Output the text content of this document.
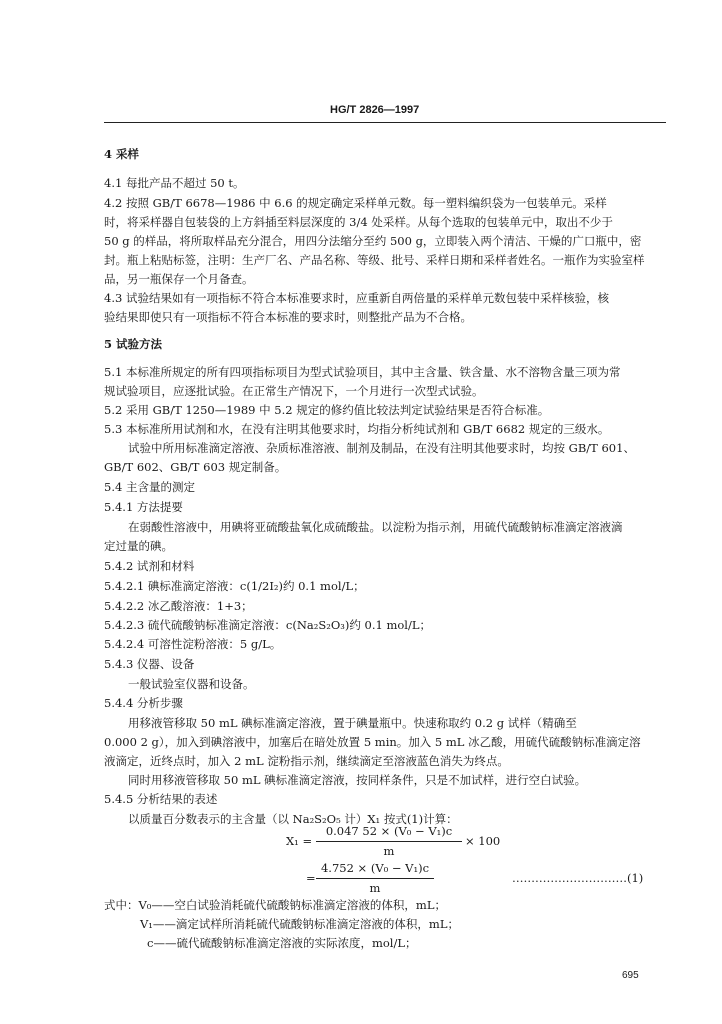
HG/T 2826—1997
4 采样
4.1 每批产品不超过 50 t。
4.2 按照 GB/T 6678—1986 中 6.6 的规定确定采样单元数。每一塑料编织袋为一包装单元。采样
时，将采样器自包装袋的上方斜插至料层深度的 3/4 处采样。从每个选取的包装单元中，取出不少于
50 g 的样品，将所取样品充分混合，用四分法缩分至约 500 g，立即装入两个清洁、干燥的广口瓶中，密
封。瓶上粘贴标签，注明：生产厂名、产品名称、等级、批号、采样日期和采样者姓名。一瓶作为实验室样
品，另一瓶保存一个月备查。
4.3 试验结果如有一项指标不符合本标准要求时，应重新自两倍量的采样单元数包装中采样核验，核
验结果即使只有一项指标不符合本标准的要求时，则整批产品为不合格。
5 试验方法
5.1 本标准所规定的所有四项指标项目为型式试验项目，其中主含量、铁含量、水不溶物含量三项为常
规试验项目，应逐批试验。在正常生产情况下，一个月进行一次型式试验。
5.2 采用 GB/T 1250—1989 中 5.2 规定的修约值比较法判定试验结果是否符合标准。
5.3 本标准所用试剂和水，在没有注明其他要求时，均指分析纯试剂和 GB/T 6682 规定的三级水。
试验中所用标准滴定溶液、杂质标准溶液、制剂及制品，在没有注明其他要求时，均按 GB/T 601、
GB/T 602、GB/T 603 规定制备。
5.4 主含量的测定
5.4.1 方法提要
在弱酸性溶液中，用碘将亚硫酸盐氧化成硫酸盐。以淀粉为指示剂，用硫代硫酸钠标准滴定溶液滴
定过量的碘。
5.4.2 试剂和材料
5.4.2.1 碘标准滴定溶液：c(1/2I₂)约 0.1 mol/L；
5.4.2.2 冰乙酸溶液：1+3；
5.4.2.3 硫代硫酸钠标准滴定溶液：c(Na₂S₂O₃)约 0.1 mol/L；
5.4.2.4 可溶性淀粉溶液：5 g/L。
5.4.3 仪器、设备
一般试验室仪器和设备。
5.4.4 分析步骤
用移液管移取 50 mL 碘标准滴定溶液，置于碘量瓶中。快速称取约 0.2 g 试样（精确至
0.000 2 g），加入到碘溶液中，加塞后在暗处放置 5 min。加入 5 mL 冰乙酸，用硫代硫酸钠标准滴定溶
液滴定，近终点时，加入 2 mL 淀粉指示剂，继续滴定至溶液蓝色消失为终点。
同时用移液管移取 50 mL 碘标准滴定溶液，按同样条件，只是不加试样，进行空白试验。
5.4.5 分析结果的表述
以质量百分数表示的主含量（以 Na₂S₂O₅ 计）X₁ 按式(1)计算：
X₁ =
0.047 52 × (V₀ − V₁)c
m
× 100
=
4.752 × (V₀ − V₁)c
m
…………………………(1)
式中：V₀——空白试验消耗硫代硫酸钠标准滴定溶液的体积，mL；
V₁——滴定试样所消耗硫代硫酸钠标准滴定溶液的体积，mL；
c——硫代硫酸钠标准滴定溶液的实际浓度，mol/L；
695
